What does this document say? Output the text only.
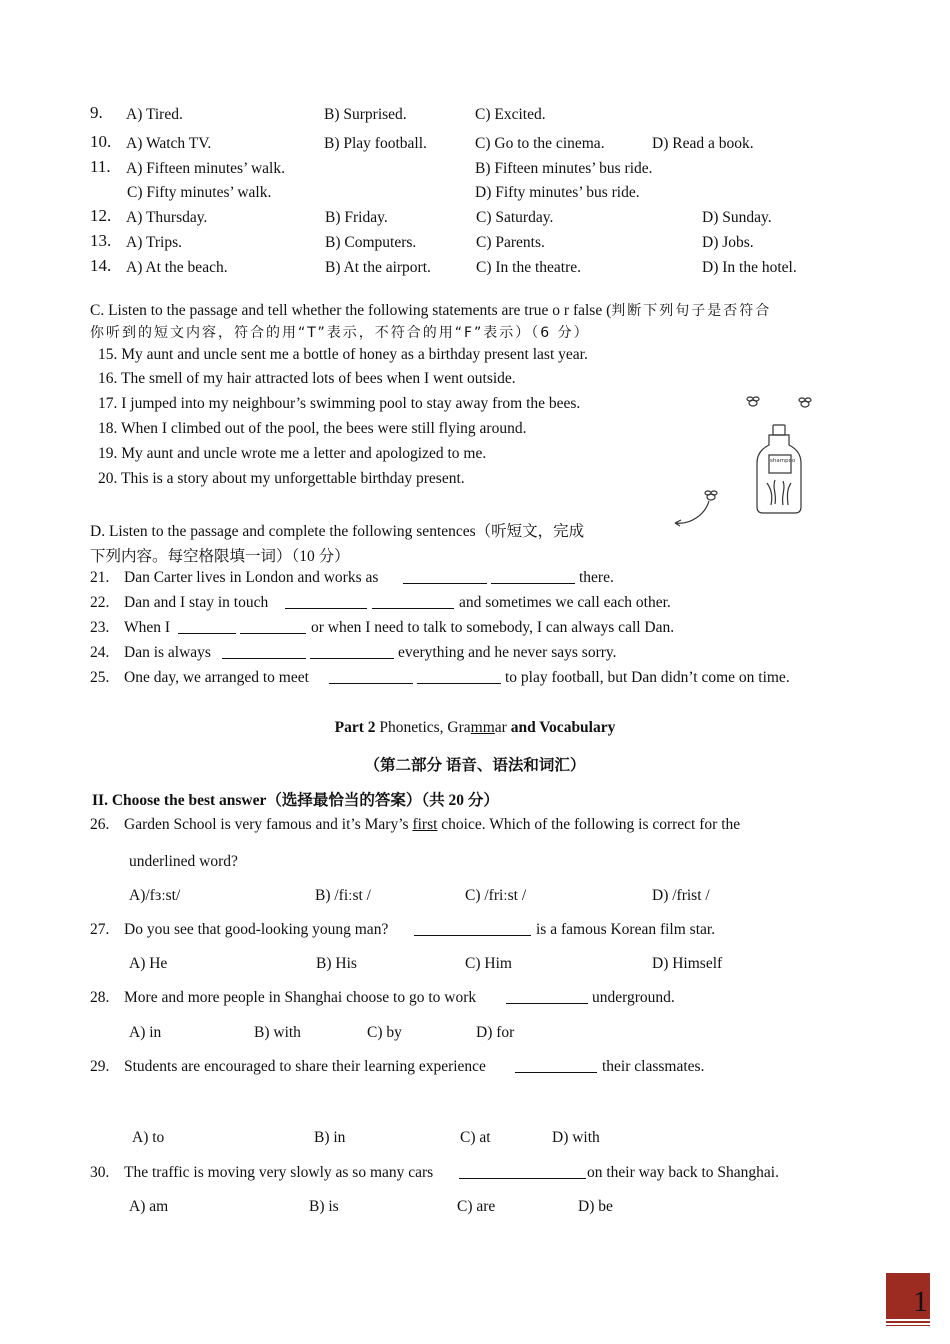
9. A) Tired.	B) Surprised.	C) Excited.
10. A) Watch TV.	B) Play football.	C) Go to the cinema.	D) Read a book.
11. A) Fifteen minutes’ walk.	B) Fifteen minutes’ bus ride.
C) Fifty minutes’ walk.	D) Fifty minutes’ bus ride.
12. A) Thursday.	B) Friday.	C) Saturday.	D) Sunday.
13. A) Trips.	B) Computers.	C) Parents.	D) Jobs.
14. A) At the beach.	B) At the airport.	C) In the theatre.	D) In the hotel.
C. Listen to the passage and tell whether the following statements are true o r false (判断下列句子是否符合
你听到的短文内容，符合的用“T”表示，不符合的用“F”表示）（6 分）
15. My aunt and uncle sent me a bottle of honey as a birthday present last year.
16. The smell of my hair attracted lots of bees when I went outside.
17. I jumped into my neighbour’s swimming pool to stay away from the bees.
18. When I climbed out of the pool, the bees were still flying around.
19. My aunt and uncle wrote me a letter and apologized to me.
20. This is a story about my unforgettable birthday present.
shampoo
D. Listen to the passage and complete the following sentences（听短文，完成
下列内容。每空格限填一词）（10 分）
21. Dan Carter lives in London and works as	there.
22. Dan and I stay in touch	and sometimes we call each other.
23. When I	or when I need to talk to somebody, I can always call Dan.
24. Dan is always	everything and he never says sorry.
25. One day, we arranged to meet	to play football, but Dan didn’t come on time.
Part 2 Phonetics, Grammar and Vocabulary
（第二部分 语音、语法和词汇）
II. Choose the best answer（选择最恰当的答案）（共 20 分）
26. Garden School is very famous and it’s Mary’s first choice. Which of the following is correct for the
underlined word?
A)/fɜːst/	B) /fiːst /	C) /friːst /	D) /frist /
27. Do you see that good-looking young man?	is a famous Korean film star.
A) He	B) His	C) Him	D) Himself
28. More and more people in Shanghai choose to go to work	underground.
A) in	B) with	C) by	D) for
29. Students are encouraged to share their learning experience	their classmates.
A) to	B) in	C) at	D) with
30. The traffic is moving very slowly as so many cars	on their way back to Shanghai.
A) am	B) is	C) are	D) be
1
